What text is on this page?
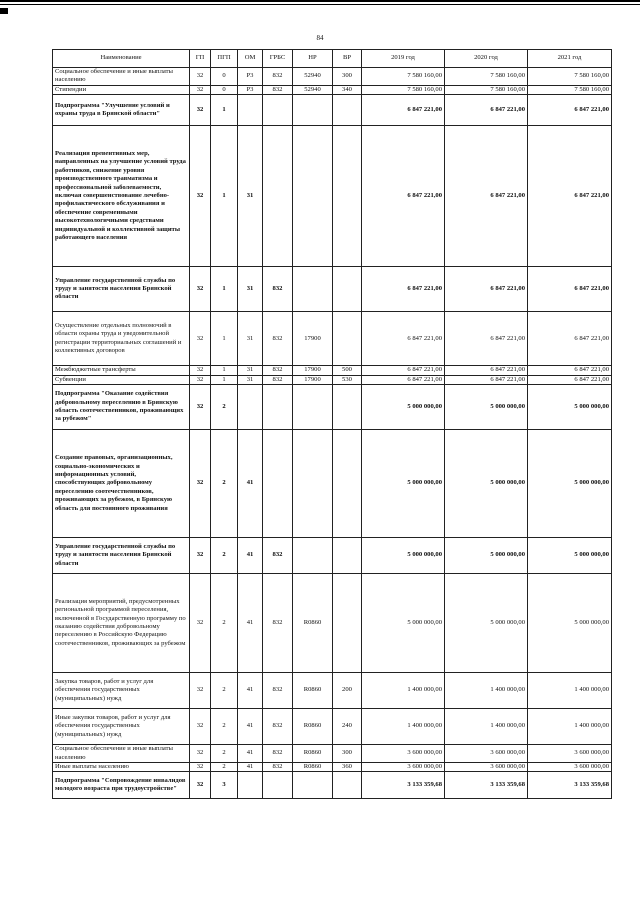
84
Наименование	ГП	ПГП	ОМ	ГРБС	НР	ВР	2019 год	2020 год	2021 год
Социальное обеспечение и иные выплаты населению	32	0	P3	832	52940	300	7 580 160,00	7 580 160,00	7 580 160,00
Стипендии	32	0	P3	832	52940	340	7 580 160,00	7 580 160,00	7 580 160,00
Подпрограмма "Улучшение условий и охраны труда в Брянской области"	32	1					6 847 221,00	6 847 221,00	6 847 221,00
Реализация превентивных мер, направленных на улучшение условий труда работников, снижение уровня производственного травматизма и профессиональной заболеваемости, включая совершенствование лечебно-профилактического обслуживания и обеспечение современными высокотехнологичными средствами индивидуальной и коллективной защиты работающего населения	32	1	31				6 847 221,00	6 847 221,00	6 847 221,00
Управление государственной службы по труду и занятости населения Брянской области	32	1	31	832			6 847 221,00	6 847 221,00	6 847 221,00
Осуществление отдельных полномочий в области охраны труда и уведомительной регистрации территориальных соглашений и коллективных договоров	32	1	31	832	17900		6 847 221,00	6 847 221,00	6 847 221,00
Межбюджетные трансферты	32	1	31	832	17900	500	6 847 221,00	6 847 221,00	6 847 221,00
Субвенции	32	1	31	832	17900	530	6 847 221,00	6 847 221,00	6 847 221,00
Подпрограмма "Оказание содействия добровольному переселению в Брянскую область соотечественников, проживающих за рубежом"	32	2					5 000 000,00	5 000 000,00	5 000 000,00
Создание правовых, организационных, социально-экономических и информационных условий, способствующих добровольному переселению соотечественников, проживающих за рубежом, в Брянскую область для постоянного проживания	32	2	41				5 000 000,00	5 000 000,00	5 000 000,00
Управление государственной службы по труду и занятости населения Брянской области	32	2	41	832			5 000 000,00	5 000 000,00	5 000 000,00
Реализация мероприятий, предусмотренных региональной программой переселения, включенной в Государственную программу по оказанию содействия добровольному переселению в Российскую Федерацию соотечественников, проживающих за рубежом	32	2	41	832	R0860		5 000 000,00	5 000 000,00	5 000 000,00
Закупка товаров, работ и услуг для обеспечения государственных (муниципальных) нужд	32	2	41	832	R0860	200	1 400 000,00	1 400 000,00	1 400 000,00
Иные закупки товаров, работ и услуг для обеспечения государственных (муниципальных) нужд	32	2	41	832	R0860	240	1 400 000,00	1 400 000,00	1 400 000,00
Социальное обеспечение и иные выплаты населению	32	2	41	832	R0860	300	3 600 000,00	3 600 000,00	3 600 000,00
Иные выплаты населению	32	2	41	832	R0860	360	3 600 000,00	3 600 000,00	3 600 000,00
Подпрограмма "Сопровождение инвалидов молодого возраста при трудоустройстве"	32	3					3 133 359,68	3 133 359,68	3 133 359,68
